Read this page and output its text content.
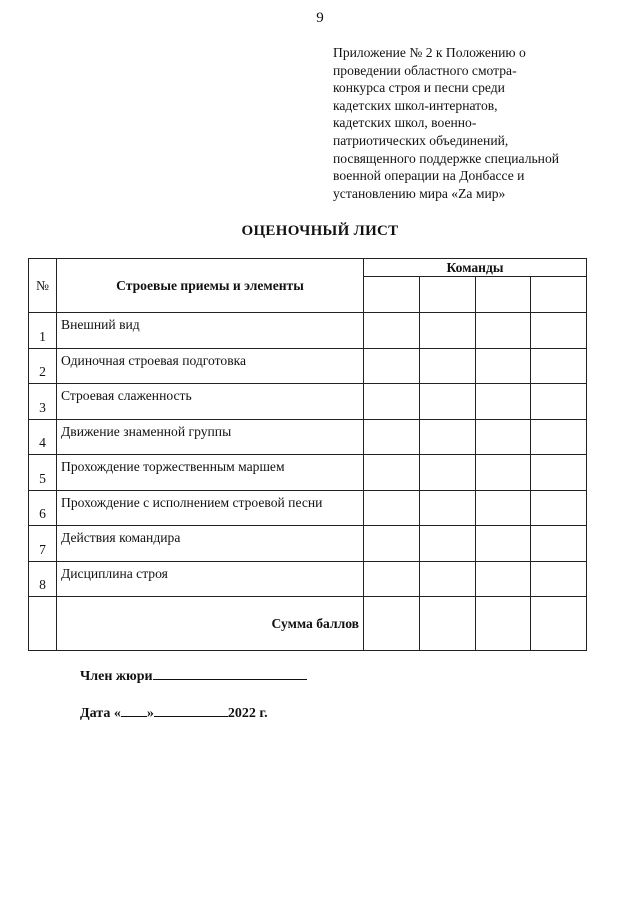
9
Приложение № 2 к Положению о
проведении областного смотра-
конкурса строя и песни среди
кадетских школ-интернатов,
кадетских школ, военно-
патриотических объединений,
посвященного поддержке специальной
военной операции на Донбассе и
установлению мира «Za мир»
ОЦЕНОЧНЫЙ ЛИСТ
№	Строевые приемы и элементы	Команды			

1	Внешний вид				
2	Одиночная строевая подготовка				
3	Строевая слаженность				
4	Движение знаменной группы				
5	Прохождение торжественным маршем				
6	Прохождение с исполнением строевой песни				
7	Действия командира				
8	Дисциплина строя				
	Сумма баллов				
Член жюри
Дата « »	2022 г.
